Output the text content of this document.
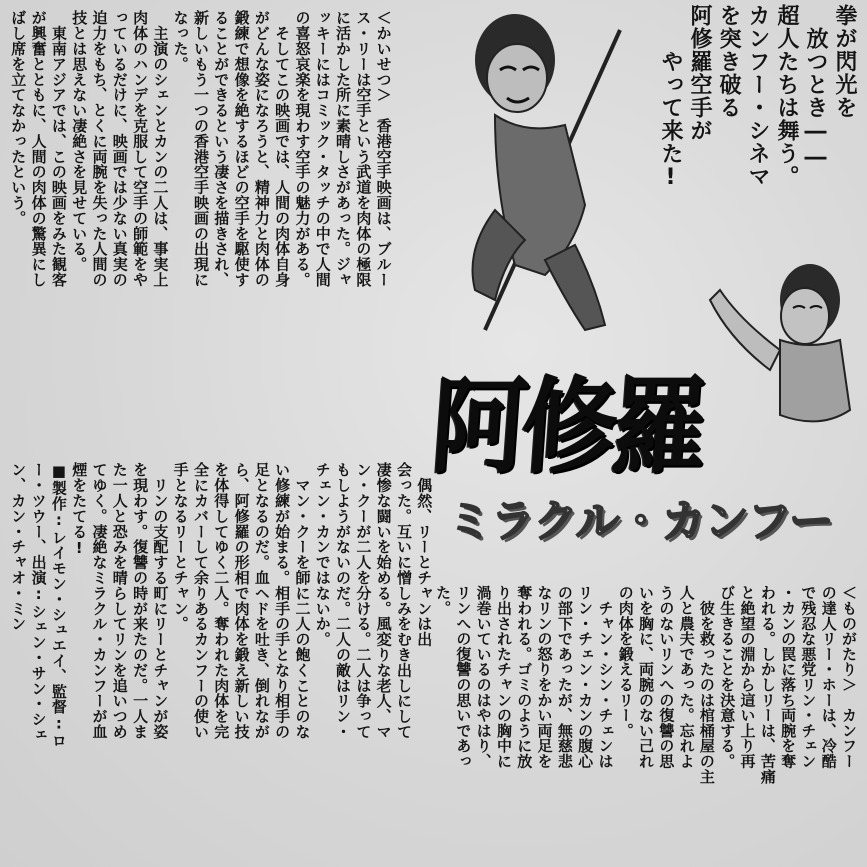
拳が閃光を
　放つとき――
超人たちは舞う。
カンフー・シネマ
を突き破る
阿修羅空手が
　　やって来た!
＜かいせつ＞　香港空手映画は、ブルー
ス・リーは空手という武道を肉体の極限
に活かした所に素晴しさがあった。ジャ
ッキーにはコミック・タッチの中で人間
の喜怒哀楽を現わす空手の魅力がある。
　そしてこの映画では、人間の肉体自身
がどんな姿になろうと、精神力と肉体の
鍛練で想像を絶するほどの空手を駆使す
ることができるという凄さを描きされ、
新しいもう一つの香港空手映画の出現に
なった。
　主演のシェンとカンの二人は、事実上
肉体のハンデを克服して空手の師範をや
っているだけに、映画では少ない真実の
迫力をもち、とくに両腕を失った人間の
技とは思えない凄絶さを見せている。
　東南アジアでは、この映画をみた観客
が興奮とともに、人間の肉体の驚異にし
ばし席を立てなかったという。
＜ものがたり＞　カンフー
の達人リー・ホーは、冷酷
で残忍な悪党リン・チェン
・カンの罠に落ち両腕を奪
われる。しかしリーは、苦痛
と絶望の淵から這い上り再
び生きることを決意する。
　彼を救ったのは棺桶屋の主
人と農夫であった。忘れよ
うのないリンへの復讐の思
いを胸に、両腕のない己れ
の肉体を鍛えるリー。
　チャン・シン・チェンは
リン・チェン・カンの腹心
の部下であったが、無慈悲
なリンの怒りをかい両足を
奪われる。ゴミのように放
り出されたチャンの胸中に
渦巻いているのはやはり、
リンへの復讐の思いであっ
た。
　偶然、リーとチャンは出
会った。互いに憎しみをむき出しにして
凄惨な闘いを始める。風変りな老人、マ
ン・クーが二人を分ける。二人は争って
もしようがないのだ。二人の敵はリン・
チェン・カンではないか。
　マン・クーを師に二人の飽くことのな
い修練が始まる。相手の手となり相手の
足となるのだ。血ヘドを吐き、倒れなが
ら、阿修羅の形相で肉体を鍛え新しい技
を体得してゆく二人。奪われた肉体を完
全にカバーして余りあるカンフーの使い
手となるリーとチャン。
　リンの支配する町にリーとチャンが姿
を現わす。復讐の時が来たのだ。一人ま
た一人と恐みを晴らしてリンを追いつめ
てゆく。凄絶なミラクル・カンフーが血
煙をたてる!
■製作:レイモン・シュエイ、監督:ロ
ー・ツウー、出演:シェン・サン・シェ
ン、カン・チャオ・ミン
阿修羅
ミラクル・カンフー
